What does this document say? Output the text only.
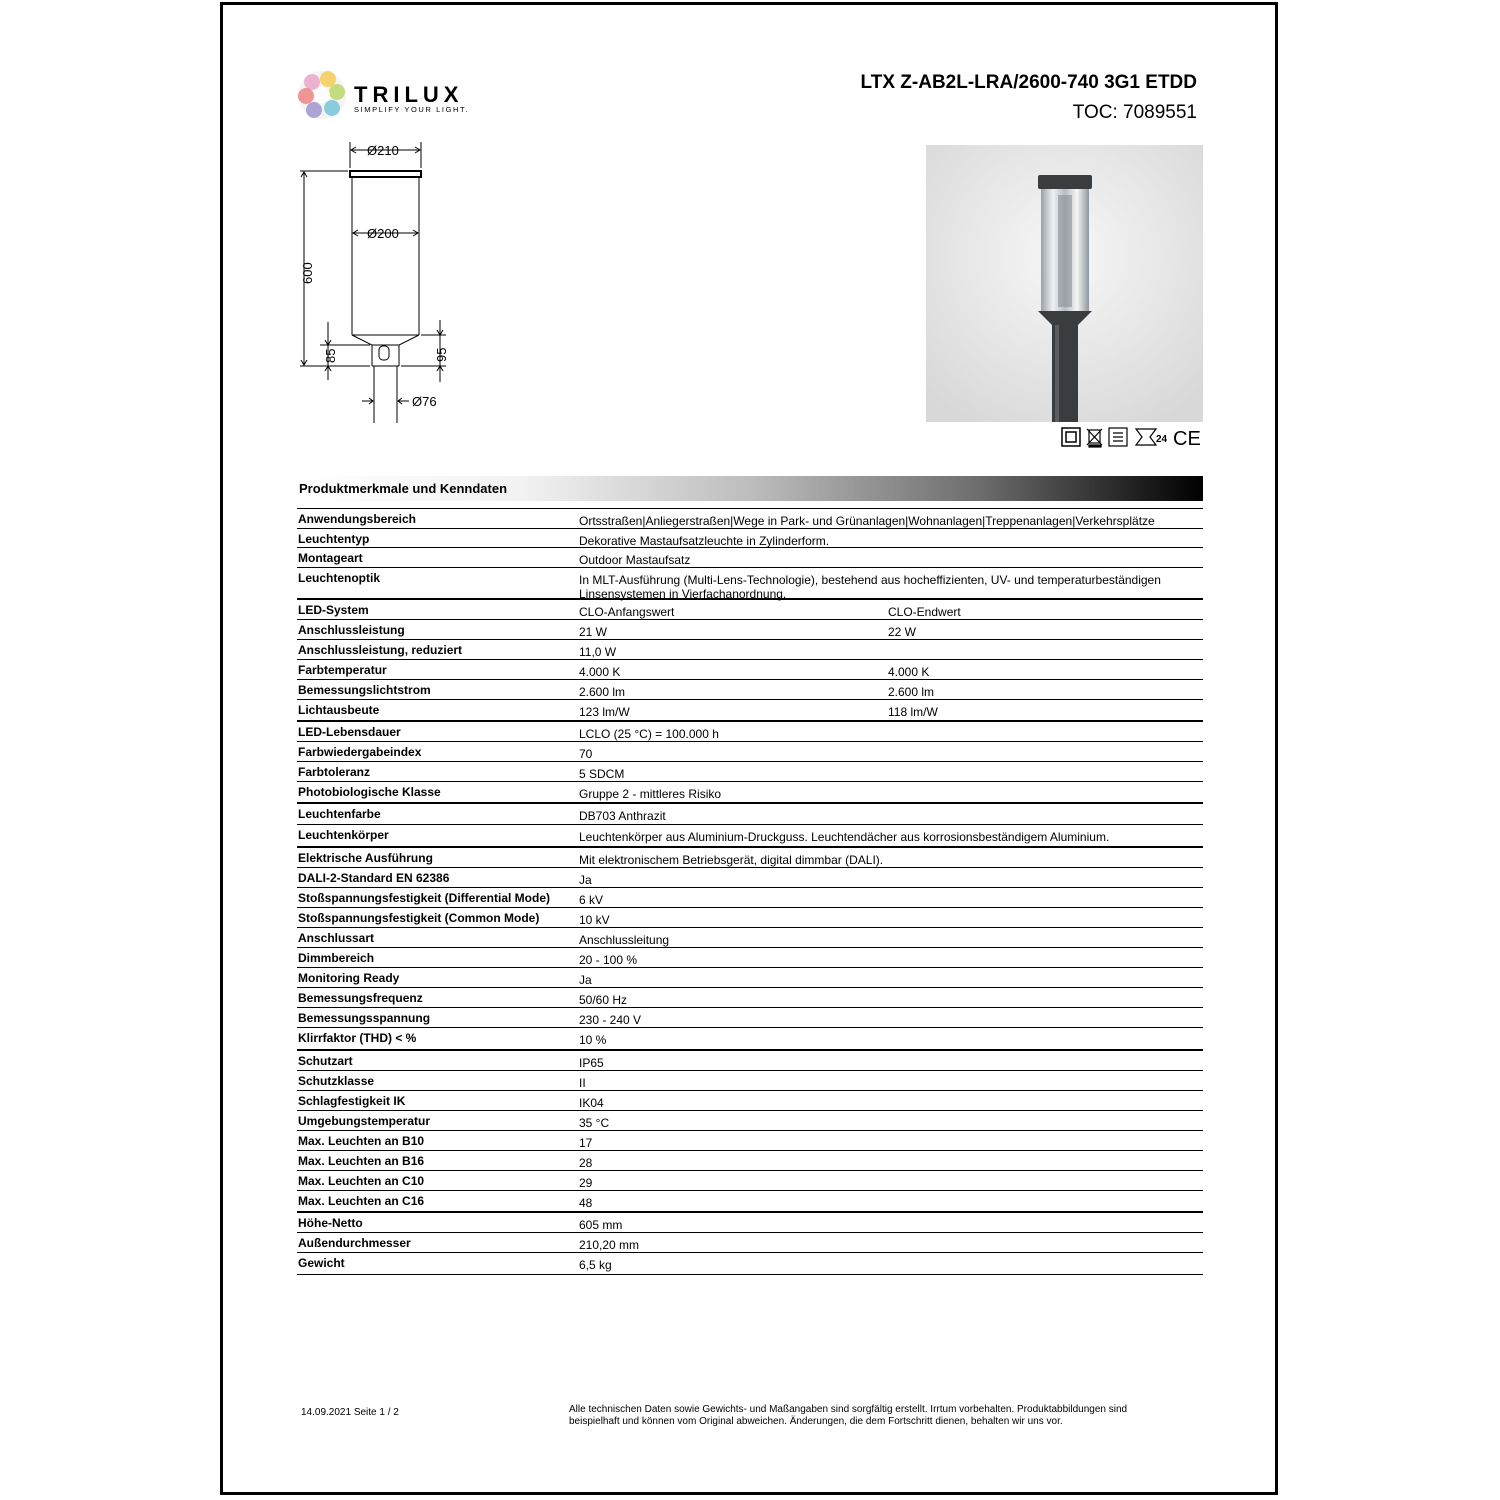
TRILUX
SIMPLIFY YOUR LIGHT.
LTX Z-AB2L-LRA/2600-740 3G1 ETDD
TOC: 7089551
Ø210
Ø200
600
85	95
Ø76
24 CE
Produktmerkmale und Kenndaten
Anwendungsbereich	Ortsstraßen|Anliegerstraßen|Wege in Park- und Grünanlagen|Wohnanlagen|Treppenanlagen|Verkehrsplätze
Leuchtentyp	Dekorative Mastaufsatzleuchte in Zylinderform.
Montageart	Outdoor Mastaufsatz
Leuchtenoptik	In MLT-Ausführung (Multi-Lens-Technologie), bestehend aus hocheffizienten, UV- und temperaturbeständigen Linsensystemen in Vierfachanordnung.
LED-System	CLO-Anfangswert	CLO-Endwert
Anschlussleistung	21 W	22 W
Anschlussleistung, reduziert	11,0 W
Farbtemperatur	4.000 K	4.000 K
Bemessungslichtstrom	2.600 lm	2.600 lm
Lichtausbeute	123 lm/W	118 lm/W
LED-Lebensdauer	LCLO (25 °C) = 100.000 h
Farbwiedergabeindex	70
Farbtoleranz	5 SDCM
Photobiologische Klasse	Gruppe 2 - mittleres Risiko
Leuchtenfarbe	DB703 Anthrazit
Leuchtenkörper	Leuchtenkörper aus Aluminium-Druckguss. Leuchtendächer aus korrosionsbeständigem Aluminium.
Elektrische Ausführung	Mit elektronischem Betriebsgerät, digital dimmbar (DALI).
DALI-2-Standard EN 62386	Ja
Stoßspannungsfestigkeit (Differential Mode) 6 kV
Stoßspannungsfestigkeit (Common Mode)	10 kV
Anschlussart	Anschlussleitung
Dimmbereich	20 - 100 %
Monitoring Ready	Ja
Bemessungsfrequenz	50/60 Hz
Bemessungsspannung	230 - 240 V
Klirrfaktor (THD) < %	10 %
Schutzart	IP65
Schutzklasse	II
Schlagfestigkeit IK	IK04
Umgebungstemperatur	35 °C
Max. Leuchten an B10	17
Max. Leuchten an B16	28
Max. Leuchten an C10	29
Max. Leuchten an C16	48
Höhe-Netto	605 mm
Außendurchmesser	210,20 mm
Gewicht	6,5 kg
14.09.2021 Seite 1 / 2	Alle technischen Daten sowie Gewichts- und Maßangaben sind sorgfältig erstellt. Irrtum vorbehalten. Produktabbildungen sind beispielhaft und können vom Original abweichen. Änderungen, die dem Fortschritt dienen, behalten wir uns vor.
